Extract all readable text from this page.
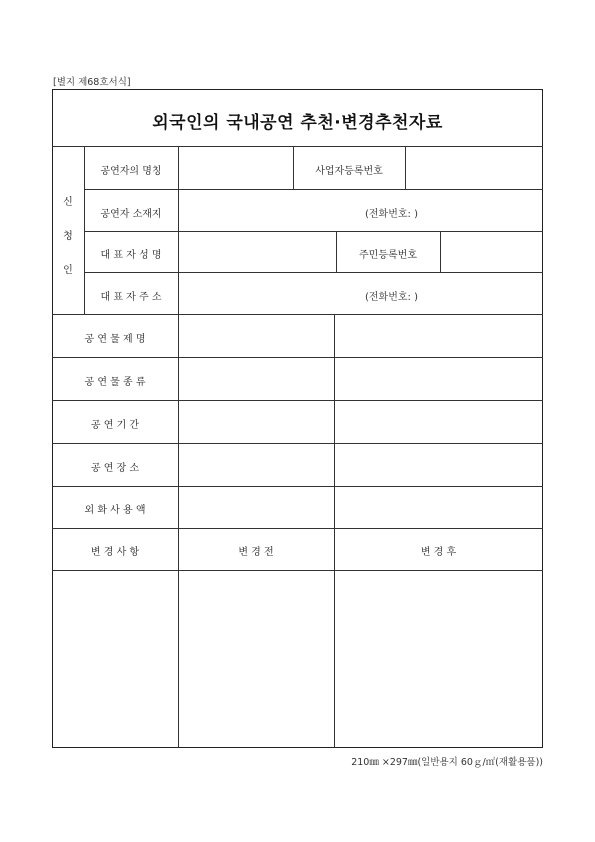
[별지 제68호서식]
외국인의 국내공연 추천·변경추천자료
신
청
인
공연자의 명칭	사업자등록번호
공연자 소재지	(전화번호: )
대 표 자 성 명	주민등록번호
대 표 자 주 소	(전화번호: )
공 연 물 제 명
공 연 물 종 류
공 연 기 간
공 연 장 소
외 화 사 용 액
변 경 사 항	변 경 전	변 경 후
210㎜ ×297㎜(일반용지 60ｇ/㎡(재활용품))
